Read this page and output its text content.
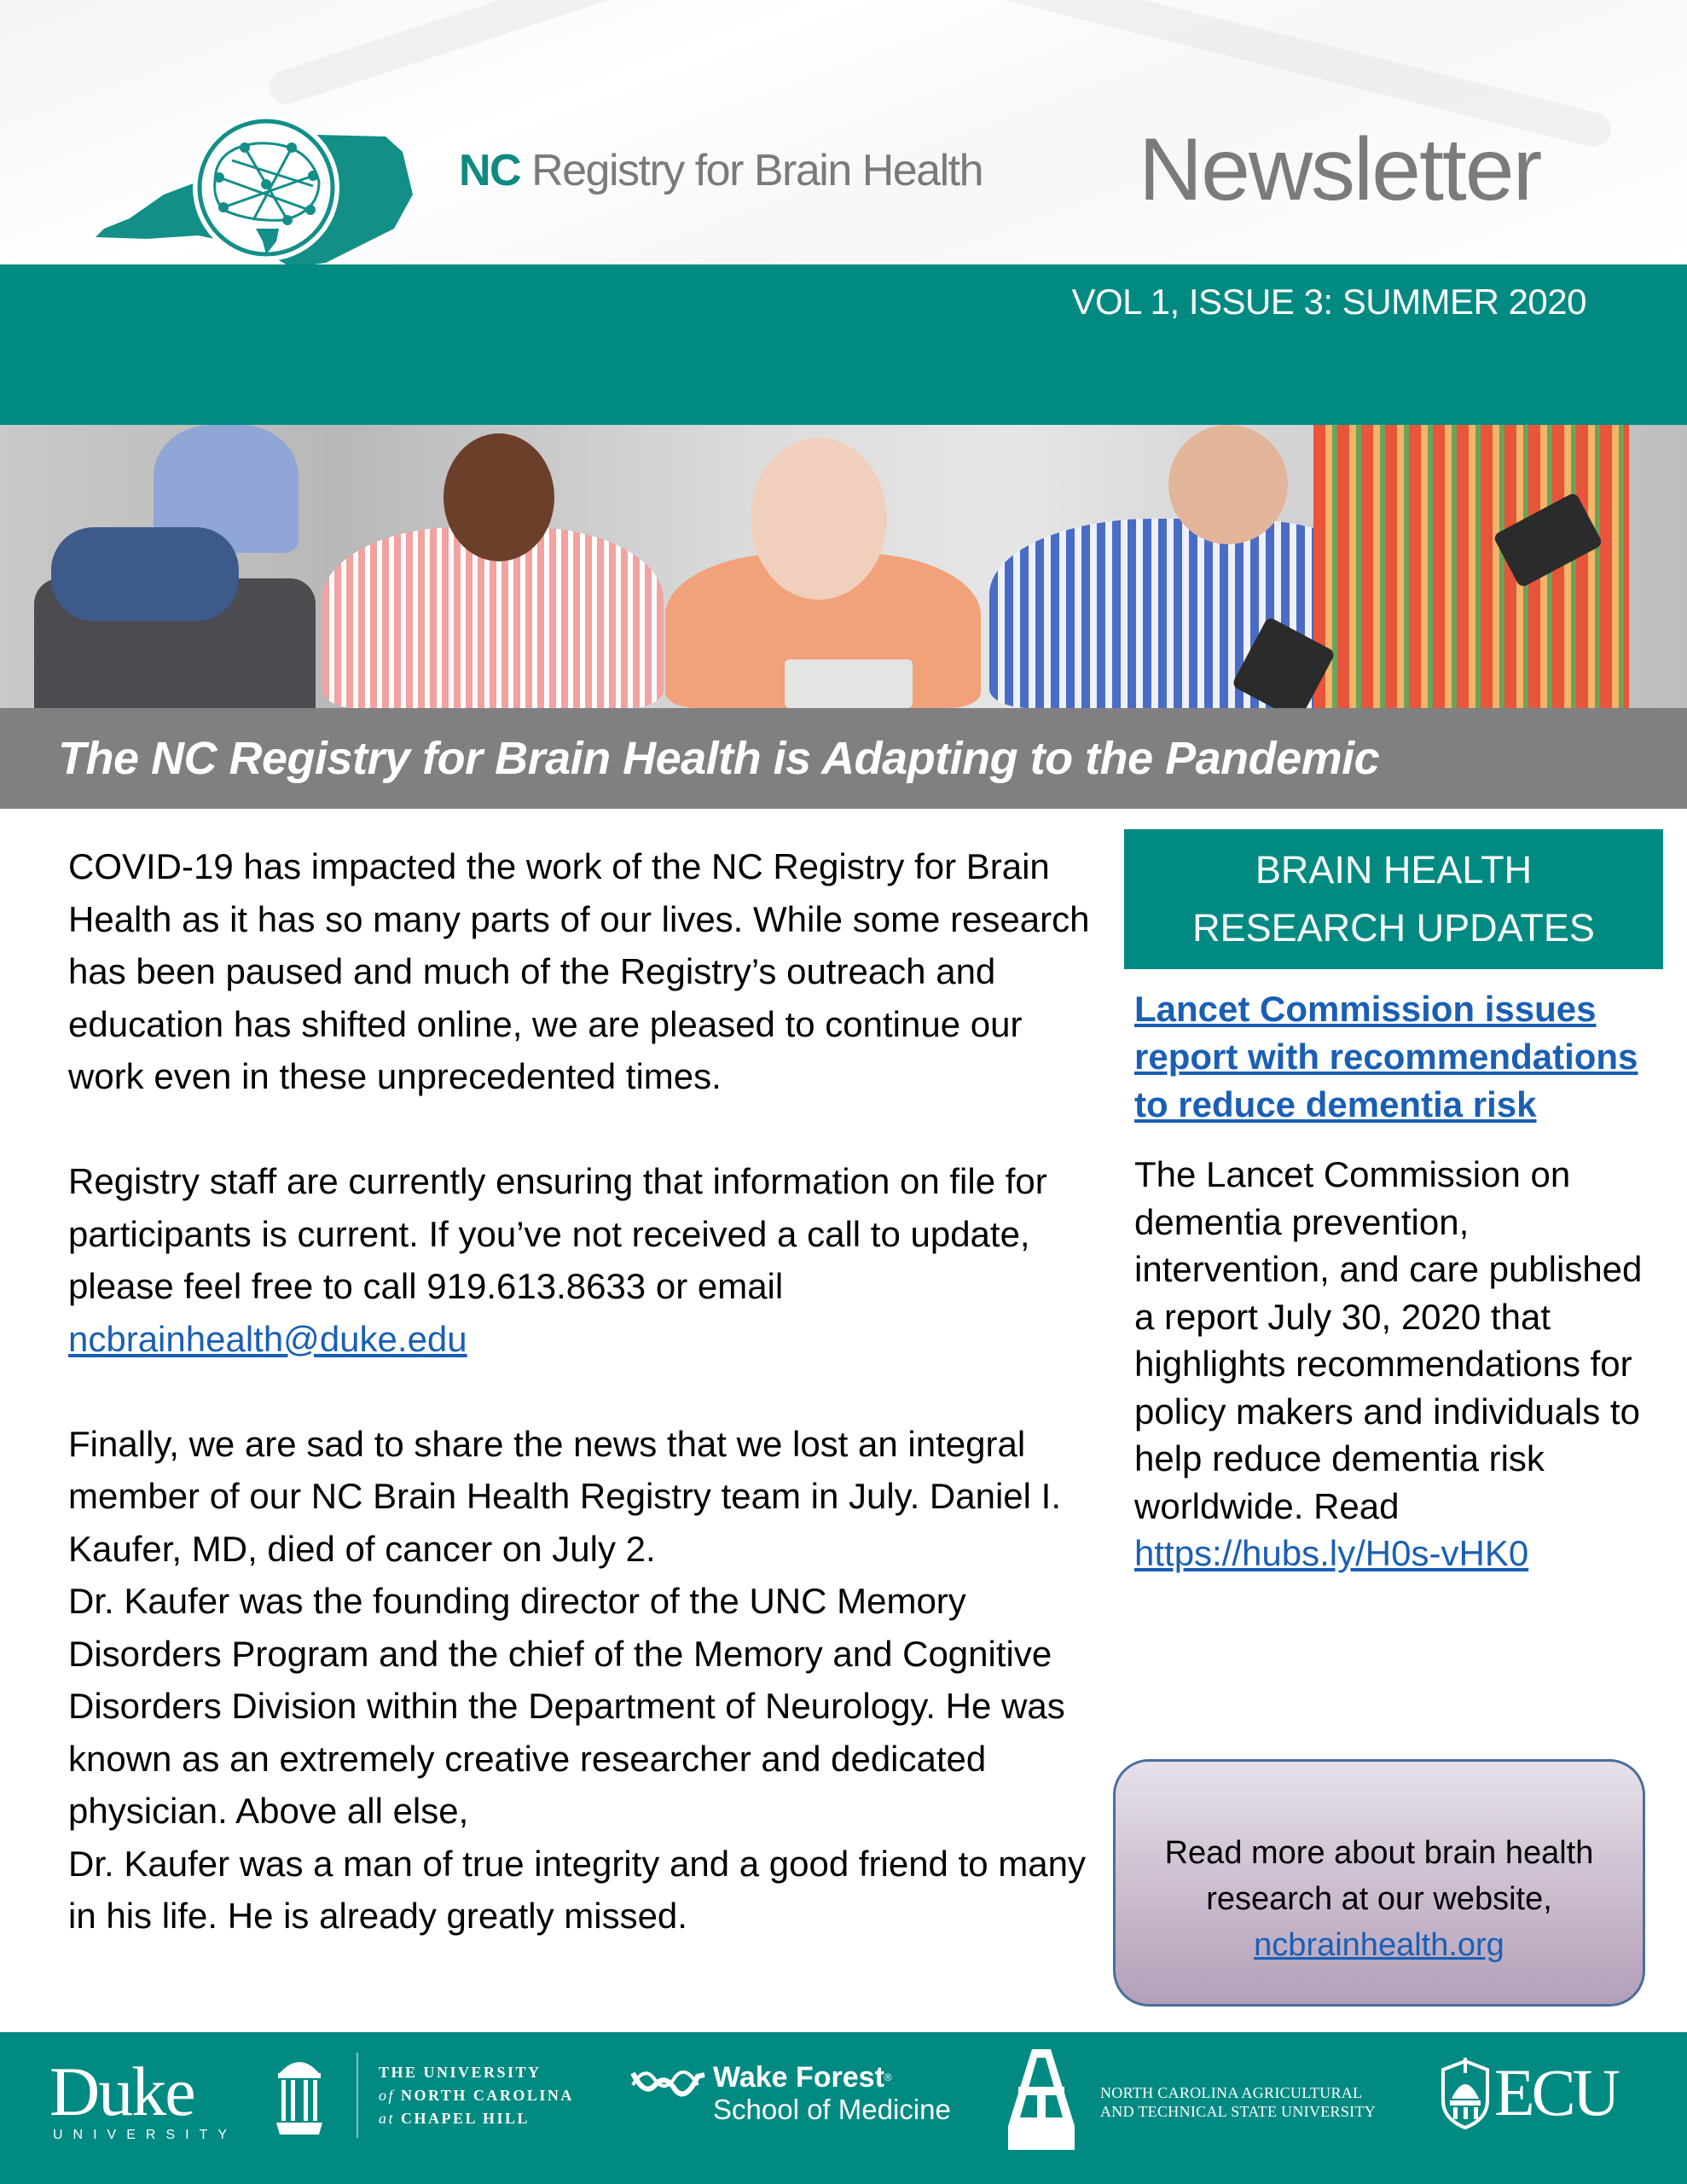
NC Registry for Brain Health Newsletter
VOL 1, ISSUE 3: SUMMER 2020
The NC Registry for Brain Health is Adapting to the Pandemic

COVID-19 has impacted the work of the NC Registry for Brain Health as it has so many parts of our lives. While some research has been paused and much of the Registry’s outreach and education has shifted online, we are pleased to continue our work even in these unprecedented times.

Registry staff are currently ensuring that information on file for participants is current. If you’ve not received a call to update, please feel free to call 919.613.8633 or email ncbrainhealth@duke.edu

Finally, we are sad to share the news that we lost an integral member of our NC Brain Health Registry team in July. Daniel I. Kaufer, MD, died of cancer on July 2.
Dr. Kaufer was the founding director of the UNC Memory Disorders Program and the chief of the Memory and Cognitive Disorders Division within the Department of Neurology. He was known as an extremely creative researcher and dedicated physician. Above all else,
Dr. Kaufer was a man of true integrity and a good friend to many in his life. He is already greatly missed.

BRAIN HEALTH
RESEARCH UPDATES
Lancet Commission issues report with recommendations to reduce dementia risk
The Lancet Commission on dementia prevention, intervention, and care published a report July 30, 2020 that highlights recommendations for policy makers and individuals to help reduce dementia risk worldwide. Read https://hubs.ly/H0s-vHK0
Read more about brain health research at our website,
ncbrainhealth.org
Duke
UNIVERSITY
THE UNIVERSITY
of NORTH CAROLINA
at CHAPEL HILL
Wake Forest®
School of Medicine
NORTH CAROLINA AGRICULTURAL
AND TECHNICAL STATE UNIVERSITY ECU
